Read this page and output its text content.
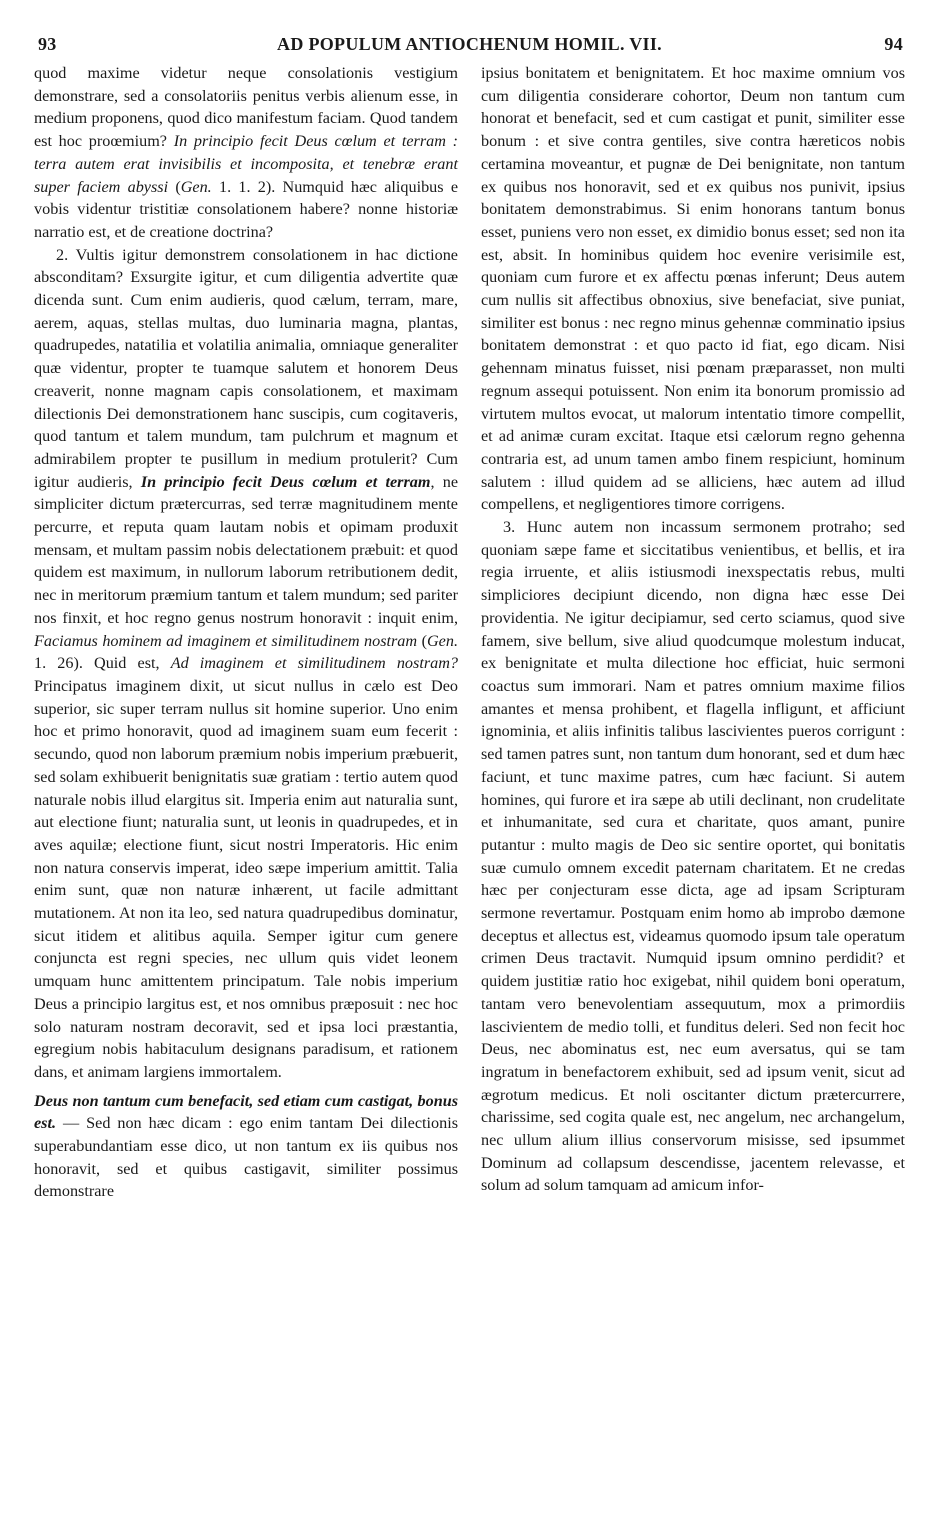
93	AD POPULUM ANTIOCHENUM HOMIL. VII.	94

quod maxime videtur neque consolationis vestigium demonstrare, sed a consolatoriis penitus verbis alienum esse, in medium proponens, quod dico manifestum faciam. Quod tandem est hoc proœmium? In principio fecit Deus cœlum et terram : terra autem erat invisibilis et incomposita, et tenebræ erant super faciem abyssi (Gen. 1. 1. 2). Numquid hæc aliquibus e vobis videntur tristitiæ consolationem habere? nonne historiæ narratio est, et de creatione doctrina?

2. Vultis igitur demonstrem consolationem in hac dictione absconditam? Exsurgite igitur, et cum diligentia advertite quæ dicenda sunt. Cum enim audieris, quod cælum, terram, mare, aerem, aquas, stellas multas, duo luminaria magna, plantas, quadrupedes, natatilia et volatilia animalia, omniaque generaliter quæ videntur, propter te tuamque salutem et honorem Deus creaverit, nonne magnam capis consolationem, et maximam dilectionis Dei demonstrationem hanc suscipis, cum cogitaveris, quod tantum et talem mundum, tam pulchrum et magnum et admirabilem propter te pusillum in medium protulerit? Cum igitur audieris, In principio fecit Deus cœlum et terram, ne simpliciter dictum prætercurras, sed terræ magnitudinem mente percurre, et reputa quam lautam nobis et opimam produxit mensam, et multam passim nobis delectationem præbuit: et quod quidem est maximum, in nullorum laborum retributionem dedit, nec in meritorum præmium tantum et talem mundum; sed pariter nos finxit, et hoc regno genus nostrum honoravit : inquit enim, Faciamus hominem ad imaginem et similitudinem nostram (Gen. 1. 26). Quid est, Ad imaginem et similitudinem nostram? Principatus imaginem dixit, ut sicut nullus in cælo est Deo superior, sic super terram nullus sit homine superior. Uno enim hoc et primo honoravit, quod ad imaginem suam eum fecerit : secundo, quod non laborum præmium nobis imperium præbuerit, sed solam exhibuerit benignitatis suæ gratiam : tertio autem quod naturale nobis illud elargitus sit. Imperia enim aut naturalia sunt, aut electione fiunt; naturalia sunt, ut leonis in quadrupedes, et in aves aquilæ; electione fiunt, sicut nostri Imperatoris. Hic enim non natura conservis imperat, ideo sæpe imperium amittit. Talia enim sunt, quæ non naturæ inhærent, ut facile admittant mutationem. At non ita leo, sed natura quadrupedibus dominatur, sicut itidem et alitibus aquila. Semper igitur cum genere conjuncta est regni species, nec ullum quis videt leonem umquam hunc amittentem principatum. Tale nobis imperium Deus a principio largitus est, et nos omnibus præposuit : nec hoc solo naturam nostram decoravit, sed et ipsa loci præstantia, egregium nobis habitaculum designans paradisum, et rationem dans, et animam largiens immortalem.

Deus non tantum cum benefacit, sed etiam cum castigat, bonus est. — Sed non hæc dicam : ego enim tantam Dei dilectionis superabundantiam esse dico, ut non tantum ex iis quibus nos honoravit, sed et quibus castigavit, similiter possimus demonstrare

ipsius bonitatem et benignitatem. Et hoc maxime omnium vos cum diligentia considerare cohortor, Deum non tantum cum honorat et benefacit, sed et cum castigat et punit, similiter esse bonum : et sive contra gentiles, sive contra hæreticos nobis certamina moveantur, et pugnæ de Dei benignitate, non tantum ex quibus nos honoravit, sed et ex quibus nos punivit, ipsius bonitatem demonstrabimus. Si enim honorans tantum bonus esset, puniens vero non esset, ex dimidio bonus esset; sed non ita est, absit. In hominibus quidem hoc evenire verisimile est, quoniam cum furore et ex affectu pœnas inferunt; Deus autem cum nullis sit affectibus obnoxius, sive benefaciat, sive puniat, similiter est bonus : nec regno minus gehennæ comminatio ipsius bonitatem demonstrat : et quo pacto id fiat, ego dicam. Nisi gehennam minatus fuisset, nisi pœnam præparasset, non multi regnum assequi potuissent. Non enim ita bonorum promissio ad virtutem multos evocat, ut malorum intentatio timore compellit, et ad animæ curam excitat. Itaque etsi cælorum regno gehenna contraria est, ad unum tamen ambo finem respiciunt, hominum salutem : illud quidem ad se alliciens, hæc autem ad illud compellens, et negligentiores timore corrigens.

3. Hunc autem non incassum sermonem protraho; sed quoniam sæpe fame et siccitatibus venientibus, et bellis, et ira regia irruente, et aliis istiusmodi inexspectatis rebus, multi simpliciores decipiunt dicendo, non digna hæc esse Dei providentia. Ne igitur decipiamur, sed certo sciamus, quod sive famem, sive bellum, sive aliud quodcumque molestum inducat, ex benignitate et multa dilectione hoc efficiat, huic sermoni coactus sum immorari. Nam et patres omnium maxime filios amantes et mensa prohibent, et flagella infligunt, et afficiunt ignominia, et aliis infinitis talibus lascivientes pueros corrigunt : sed tamen patres sunt, non tantum dum honorant, sed et dum hæc faciunt, et tunc maxime patres, cum hæc faciunt. Si autem homines, qui furore et ira sæpe ab utili declinant, non crudelitate et inhumanitate, sed cura et charitate, quos amant, punire putantur : multo magis de Deo sic sentire oportet, qui bonitatis suæ cumulo omnem excedit paternam charitatem. Et ne credas hæc per conjecturam esse dicta, age ad ipsam Scripturam sermone revertamur. Postquam enim homo ab improbo dæmone deceptus et allectus est, videamus quomodo ipsum tale operatum crimen Deus tractavit. Numquid ipsum omnino perdidit? et quidem justitiæ ratio hoc exigebat, nihil quidem boni operatum, tantam vero benevolentiam assequutum, mox a primordiis lascivientem de medio tolli, et funditus deleri. Sed non fecit hoc Deus, nec abominatus est, nec eum aversatus, qui se tam ingratum in benefactorem exhibuit, sed ad ipsum venit, sicut ad ægrotum medicus. Et noli oscitanter dictum prætercurrere, charissime, sed cogita quale est, nec angelum, nec archangelum, nec ullum alium illius conservorum misisse, sed ipsummet Dominum ad collapsum descendisse, jacentem relevasse, et solum ad solum tamquam ad amicum infor-
